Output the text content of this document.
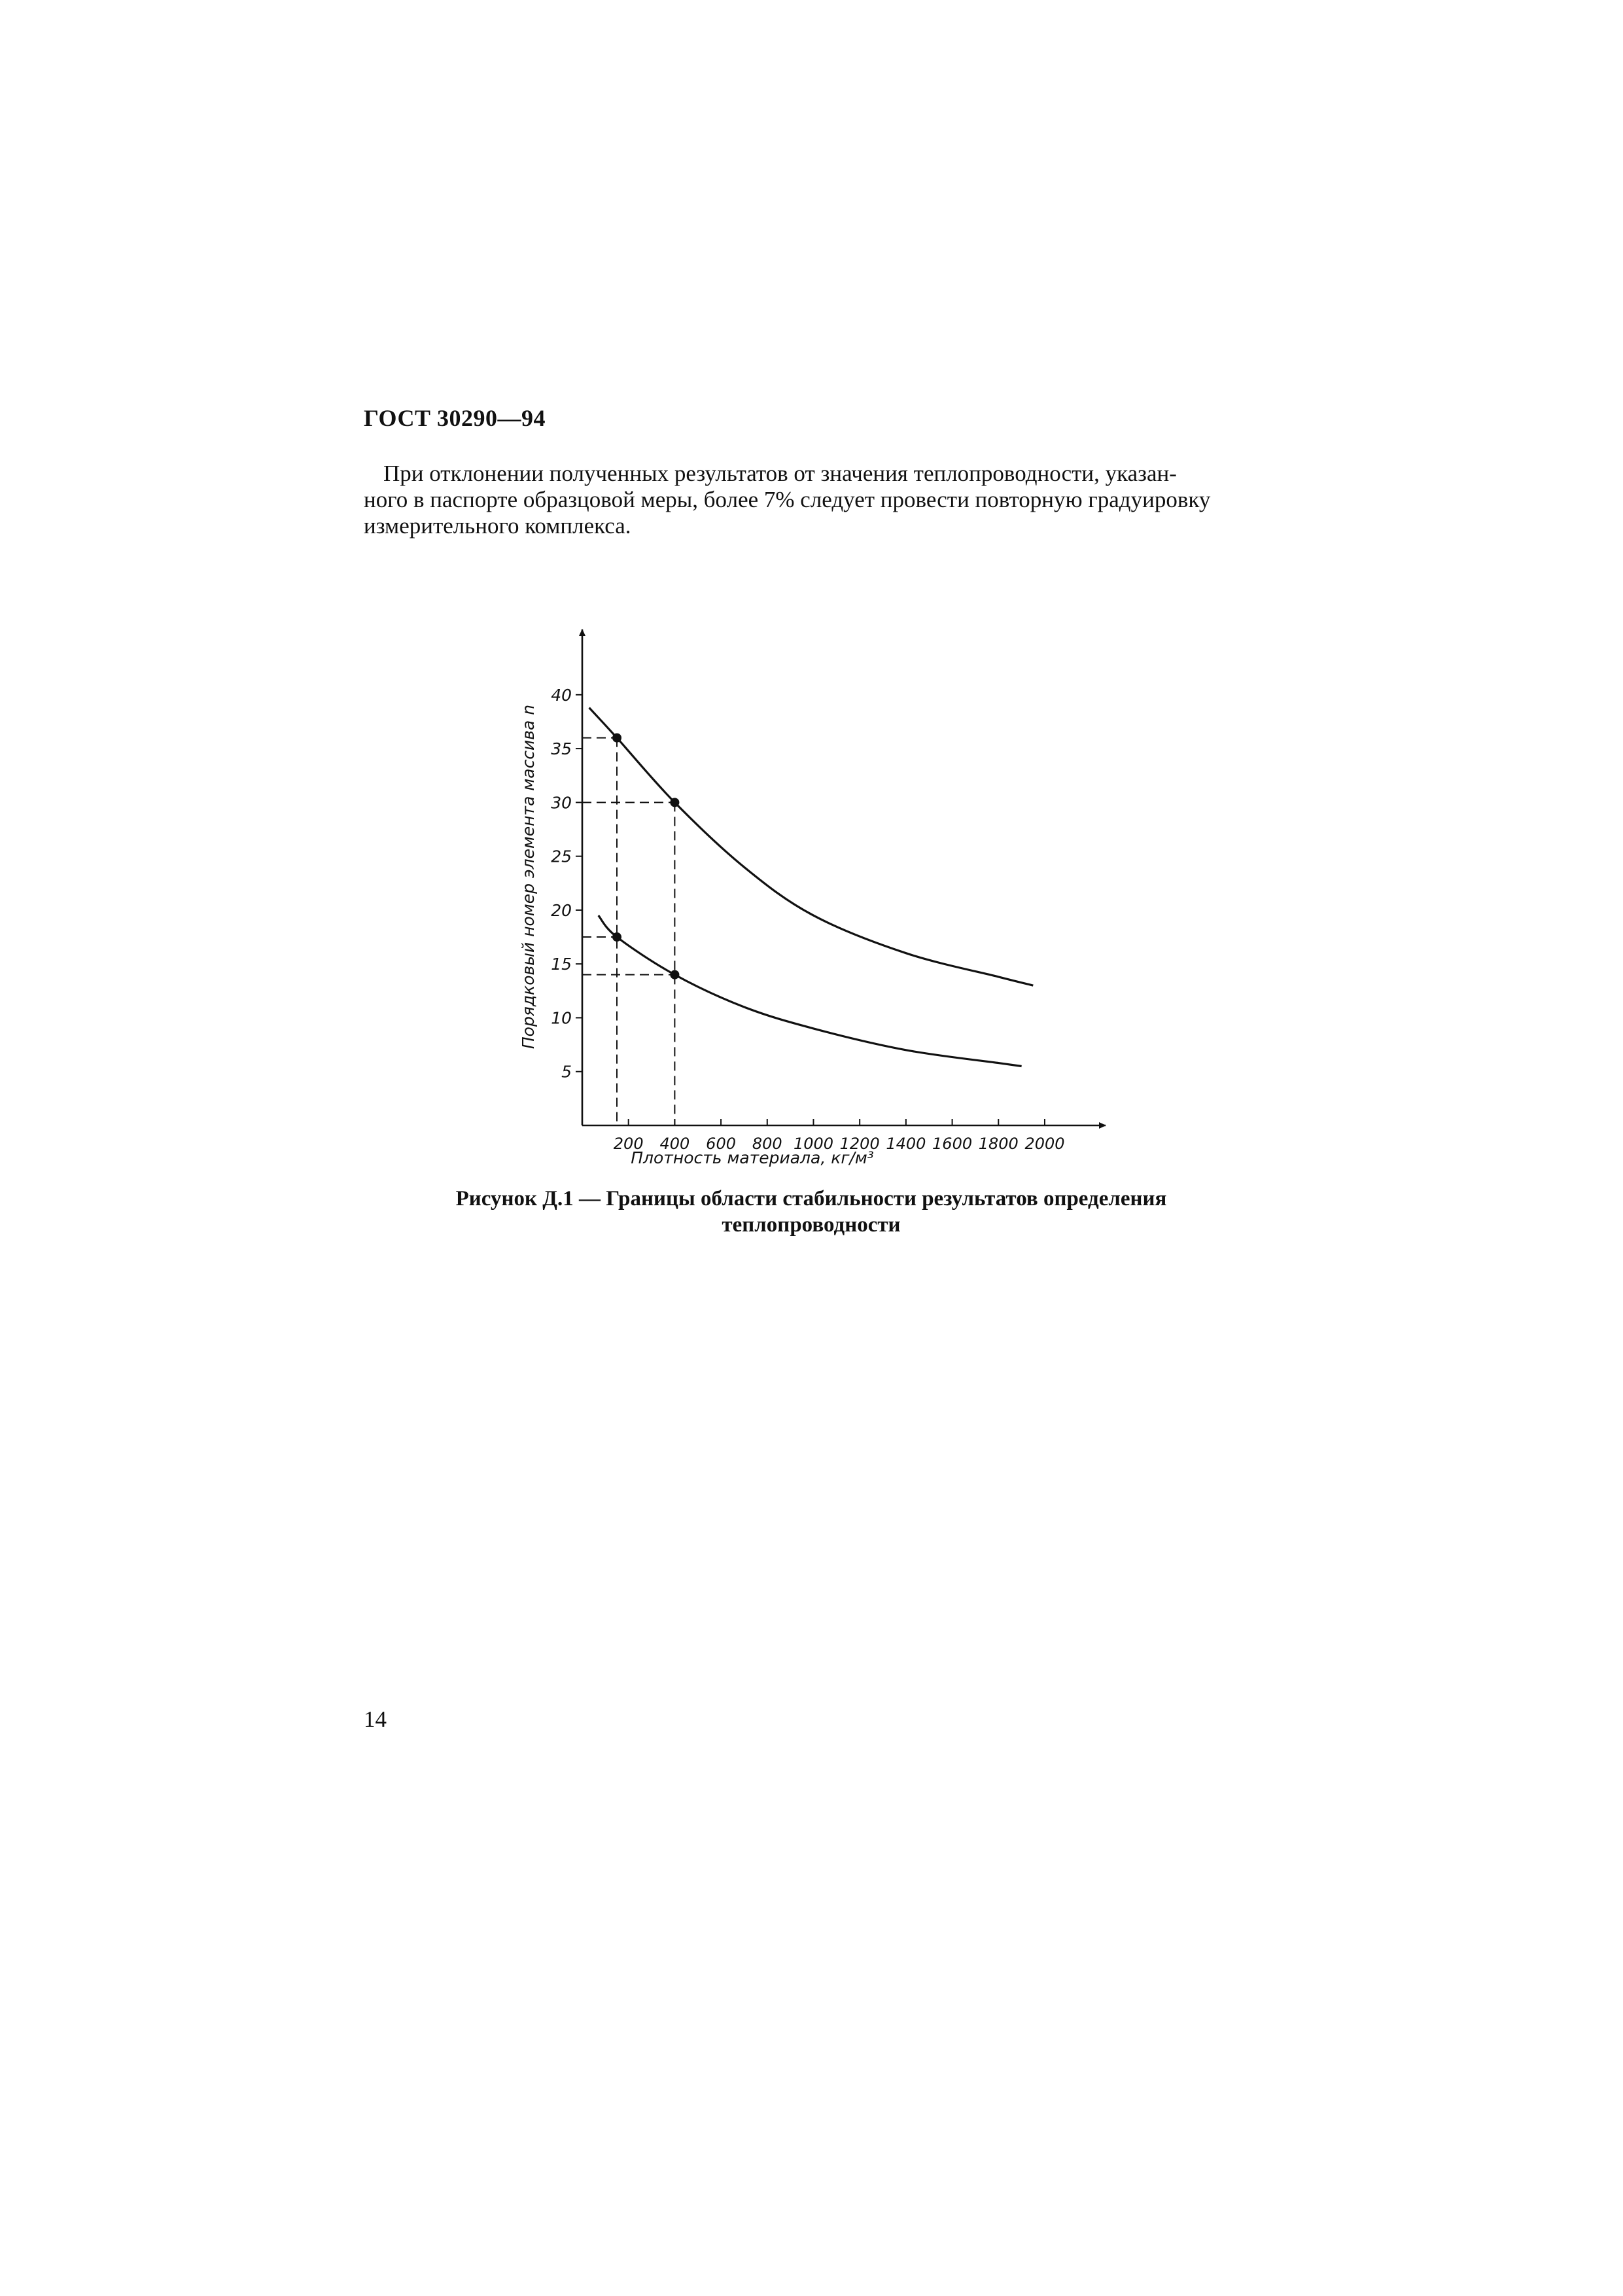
ГОСТ 30290—94
При отклонении полученных результатов от значения теплопроводности, указан-
ного в паспорте образцовой меры, более 7% следует провести повторную градуировку
измерительного комплекса.
5
10
15
20
25
30
35
40
200 400 600 800 1000 1200 1400 1600 1800 2000
Плотность материала, кг/м³
Порядковый номер элемента массива n
Рисунок Д.1 — Границы области стабильности результатов определения
теплопроводности
14
